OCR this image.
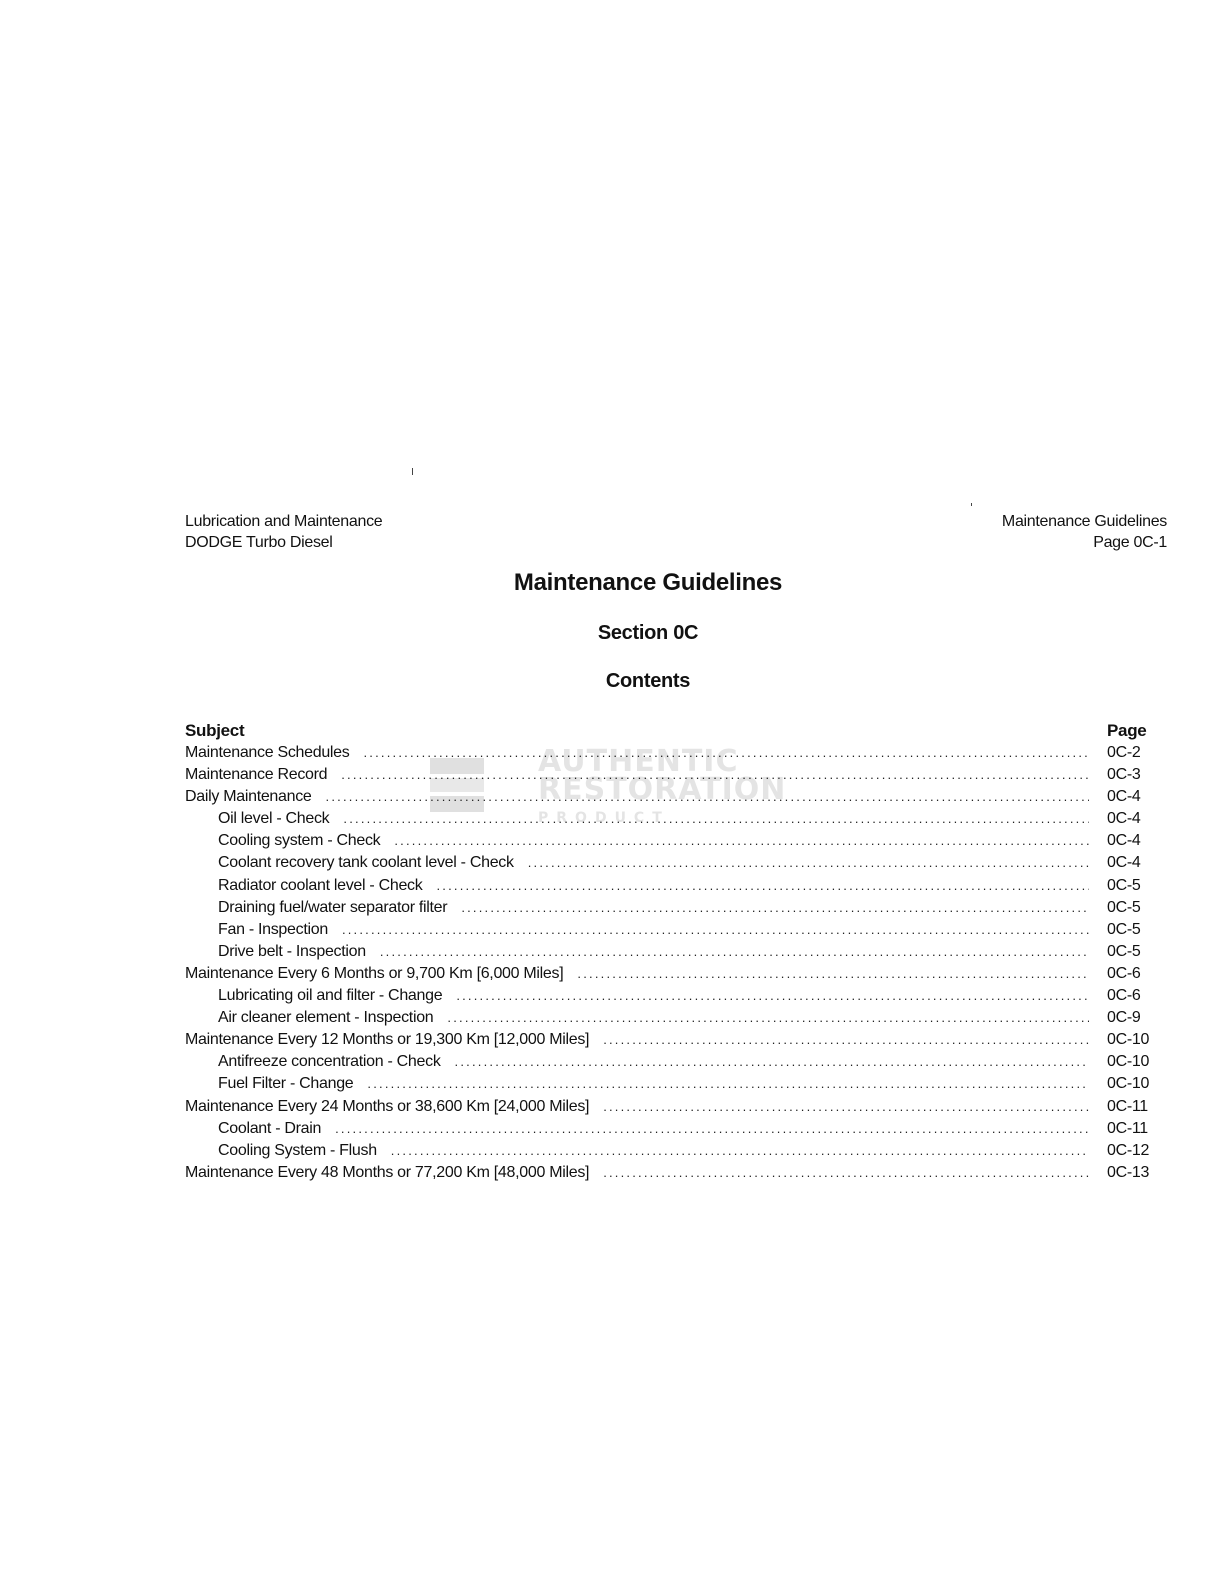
Lubrication and Maintenance
DODGE Turbo Diesel
Maintenance Guidelines
Page 0C-1
Maintenance Guidelines
Section 0C
Contents
AUTHENTIC
RESTORATION
PRODUCT
Subject	Page
Maintenance Schedules .....	0C-2
Maintenance Record .....	0C-3
Daily Maintenance .....	0C-4
Oil level - Check .....	0C-4
Cooling system - Check .....	0C-4
Coolant recovery tank coolant level - Check .....	0C-4
Radiator coolant level - Check .....	0C-5
Draining fuel/water separator filter .....	0C-5
Fan - Inspection .....	0C-5
Drive belt - Inspection .....	0C-5
Maintenance Every 6 Months or 9,700 Km [6,000 Miles] .....	0C-6
Lubricating oil and filter - Change .....	0C-6
Air cleaner element - Inspection .....	0C-9
Maintenance Every 12 Months or 19,300 Km [12,000 Miles] .....	0C-10
Antifreeze concentration - Check .....	0C-10
Fuel Filter - Change .....	0C-10
Maintenance Every 24 Months or 38,600 Km [24,000 Miles] .....	0C-11
Coolant - Drain .....	0C-11
Cooling System - Flush .....	0C-12
Maintenance Every 48 Months or 77,200 Km [48,000 Miles] .....	0C-13
